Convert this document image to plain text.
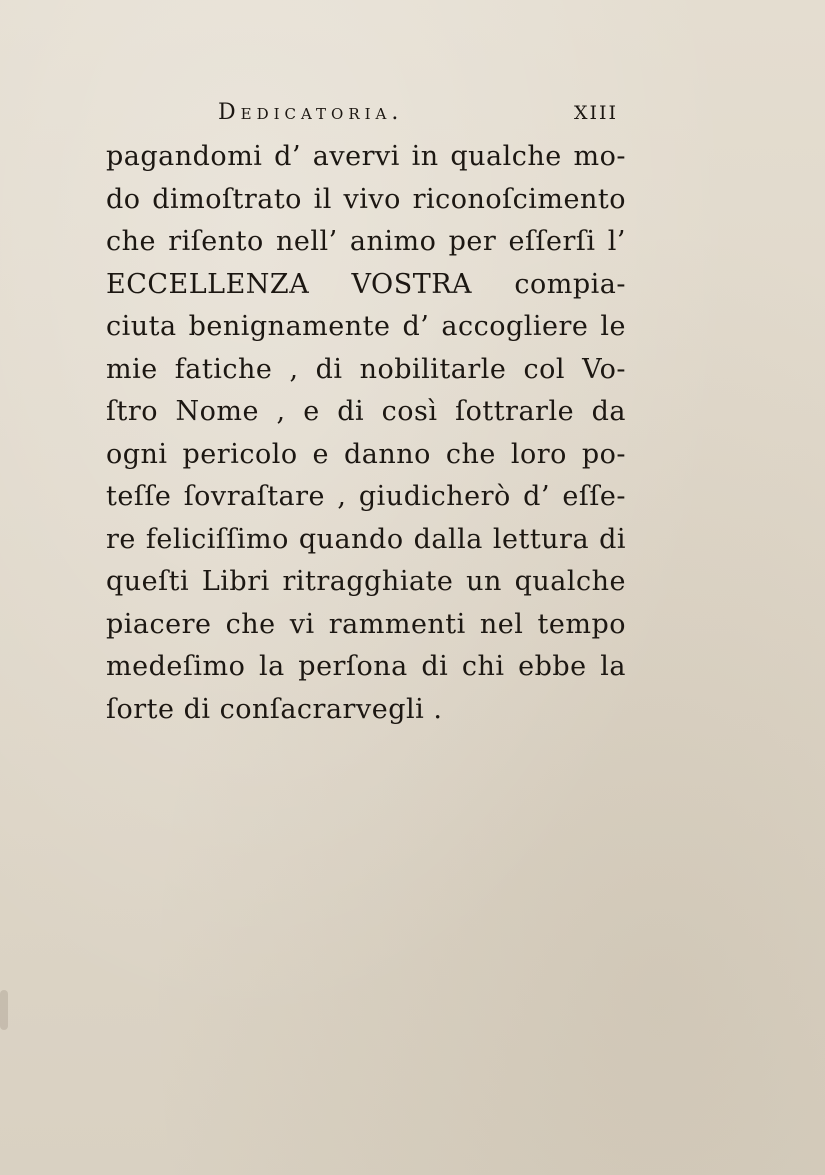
Dedicatoria.	XIII
pagandomi d’ avervi in qualche mo-
do dimoſtrato il vivo riconoſcimento
che riſento nell’ animo per eſſerſi l’
ECCELLENZA VOSTRA compia-
ciuta benignamente d’ accogliere le
mie fatiche , di nobilitarle col Vo-
ſtro Nome , e di così ſottrarle da
ogni pericolo e danno che loro po-
teſſe ſovraſtare , giudicherò d’ eſſe-
re feliciſſimo quando dalla lettura di
queſti Libri ritragghiate un qualche
piacere che vi rammenti nel tempo
medeſimo la perſona di chi ebbe la
ſorte di conſacrarvegli .
